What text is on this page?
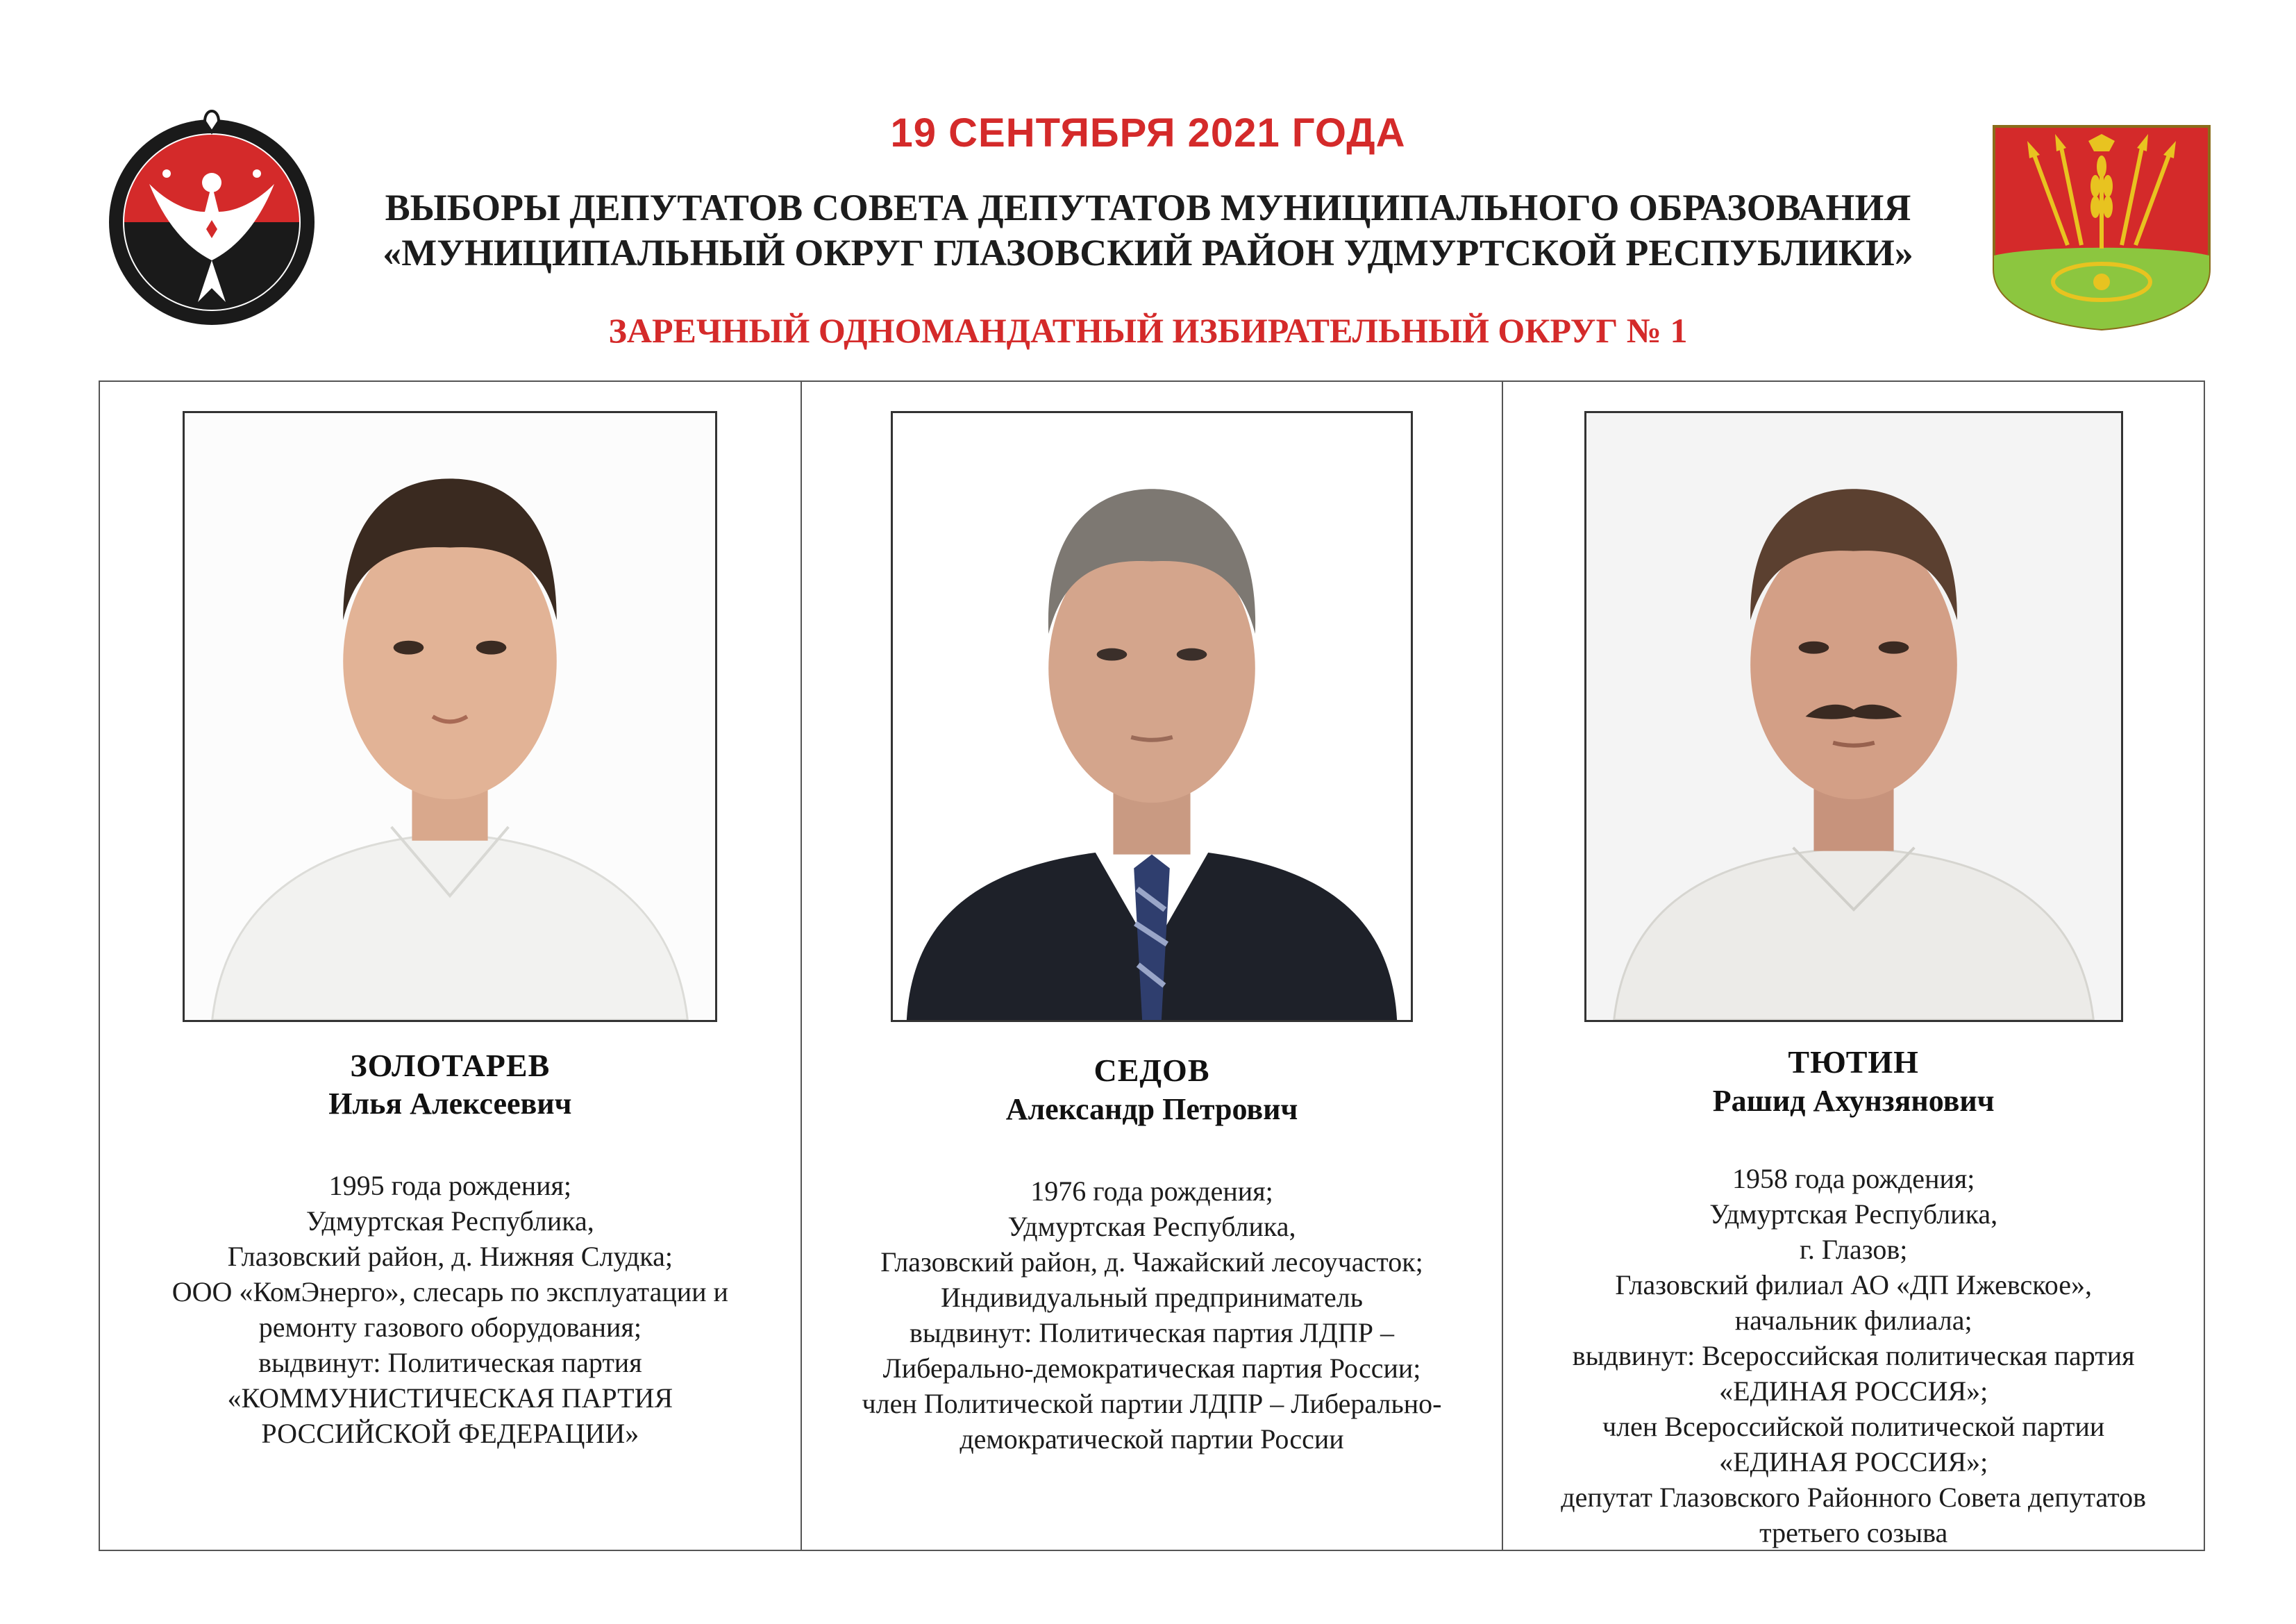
19 СЕНТЯБРЯ 2021 ГОДА
ВЫБОРЫ ДЕПУТАТОВ СОВЕТА ДЕПУТАТОВ МУНИЦИПАЛЬНОГО ОБРАЗОВАНИЯ
«МУНИЦИПАЛЬНЫЙ ОКРУГ ГЛАЗОВСКИЙ РАЙОН УДМУРТСКОЙ РЕСПУБЛИКИ»
ЗАРЕЧНЫЙ ОДНОМАНДАТНЫЙ ИЗБИРАТЕЛЬНЫЙ ОКРУГ № 1
ЗОЛОТАРЕВ
Илья Алексеевич
1995 года рождения;
Удмуртская Республика,
Глазовский район, д. Нижняя Слудка;
ООО «КомЭнерго», слесарь по эксплуатации и
ремонту газового оборудования;
выдвинут: Политическая партия
«КОММУНИСТИЧЕСКАЯ ПАРТИЯ
РОССИЙСКОЙ ФЕДЕРАЦИИ»
СЕДОВ
Александр Петрович
1976 года рождения;
Удмуртская Республика,
Глазовский район, д. Чажайский лесоучасток;
Индивидуальный предприниматель
выдвинут: Политическая партия ЛДПР –
Либерально-демократическая партия России;
член Политической партии ЛДПР – Либерально-
демократической партии России
ТЮТИН
Рашид Ахунзянович
1958 года рождения;
Удмуртская Республика,
г. Глазов;
Глазовский филиал АО «ДП Ижевское»,
начальник филиала;
выдвинут: Всероссийская политическая партия
«ЕДИНАЯ РОССИЯ»;
член Всероссийской политической партии
«ЕДИНАЯ РОССИЯ»;
депутат Глазовского Районного Совета депутатов
третьего созыва
